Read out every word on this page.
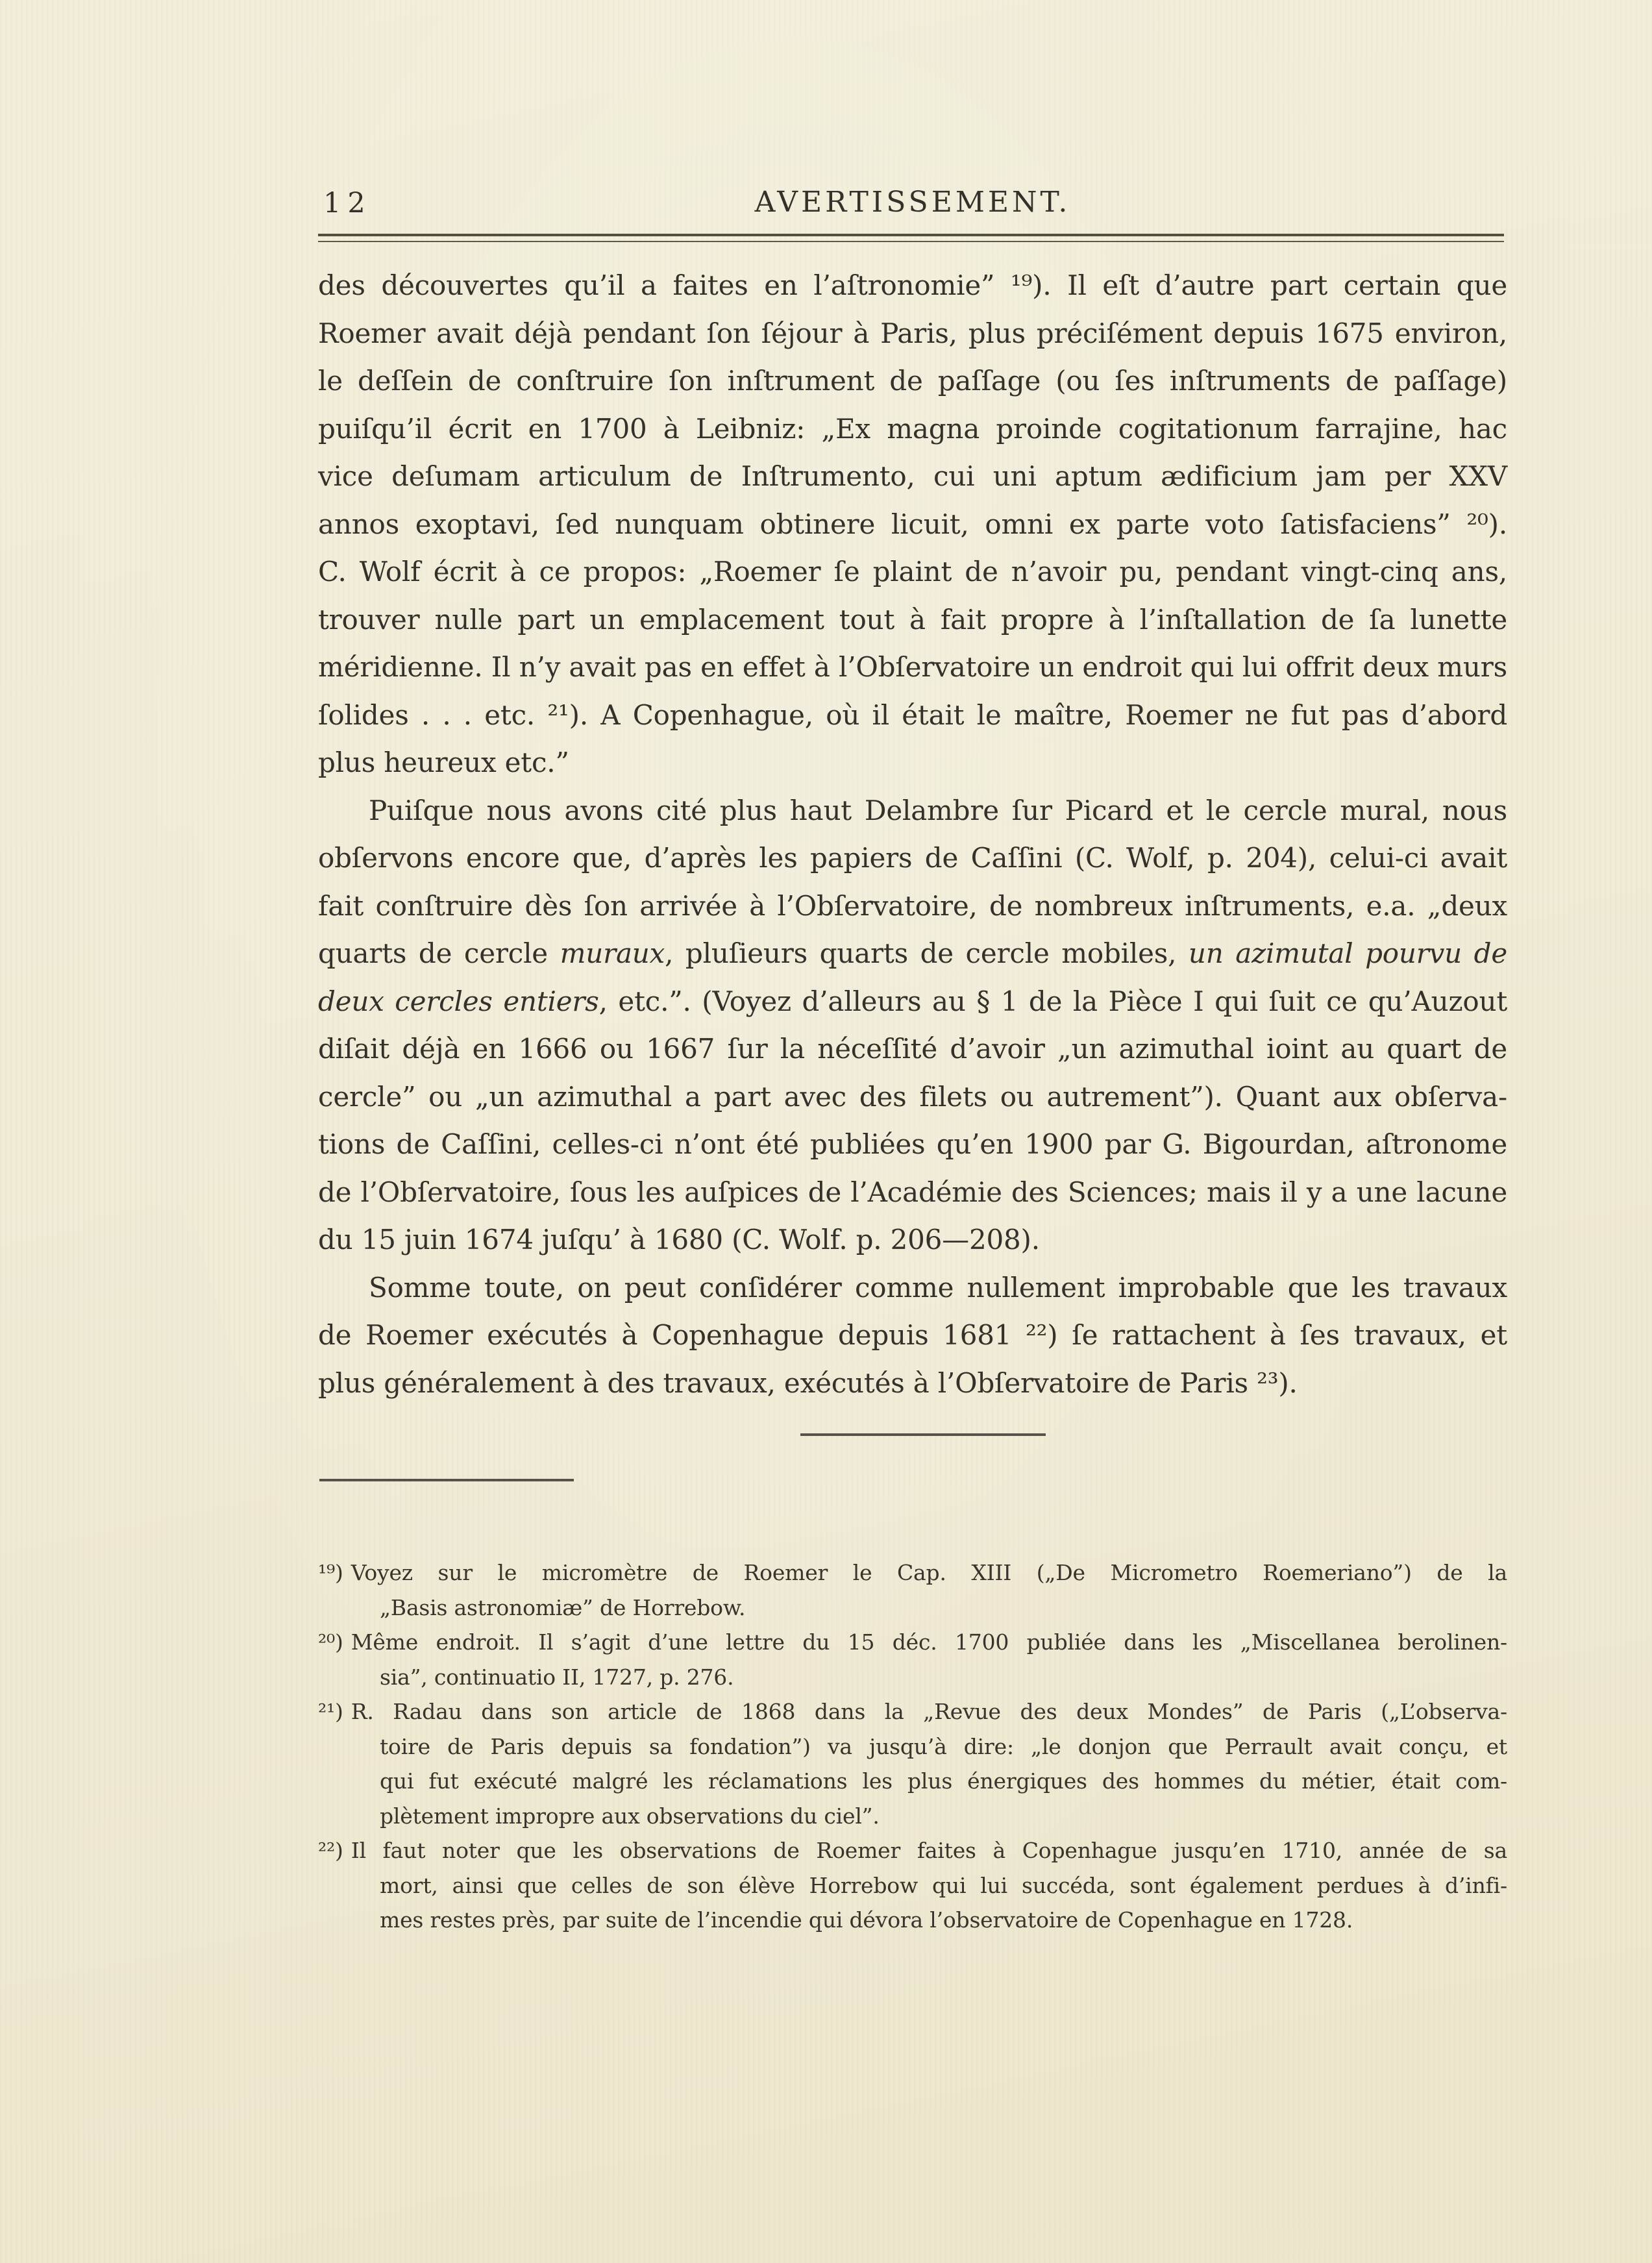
12	AVERTISSEMENT.
des découvertes qu’il a faites en l’aſtronomie” ¹⁹). Il eſt d’autre part certain que
Roemer avait déjà pendant ſon ſéjour à Paris, plus préciſément depuis 1675 environ,
le deſſein de conſtruire ſon inſtrument de paſſage (ou ſes inſtruments de paſſage)
puiſqu’il écrit en 1700 à Leibniz: „Ex magna proinde cogitationum farrajine, hac
vice deſumam articulum de Inſtrumento, cui uni aptum ædificium jam per XXV
annos exoptavi, ſed nunquam obtinere licuit, omni ex parte voto ſatisfaciens” ²⁰).
C. Wolf écrit à ce propos: „Roemer ſe plaint de n’avoir pu, pendant vingt-cinq ans,
trouver nulle part un emplacement tout à fait propre à l’inſtallation de ſa lunette
méridienne. Il n’y avait pas en effet à l’Obſervatoire un endroit qui lui offrit deux murs
ſolides . . . etc. ²¹). A Copenhague, où il était le maître, Roemer ne fut pas d’abord
plus heureux etc.”
Puiſque nous avons cité plus haut Delambre ſur Picard et le cercle mural, nous
obſervons encore que, d’après les papiers de Caſſini (C. Wolf, p. 204), celui-ci avait
fait conſtruire dès ſon arrivée à l’Obſervatoire, de nombreux inſtruments, e.a. „deux
quarts de cercle muraux, pluſieurs quarts de cercle mobiles, un azimutal pourvu de
deux cercles entiers, etc.”. (Voyez d’alleurs au § 1 de la Pièce I qui ſuit ce qu’Auzout
diſait déjà en 1666 ou 1667 ſur la néceſſité d’avoir „un azimuthal ioint au quart de
cercle” ou „un azimuthal a part avec des filets ou autrement”). Quant aux obſerva-
tions de Caſſini, celles-ci n’ont été publiées qu’en 1900 par G. Bigourdan, aſtronome
de l’Obſervatoire, ſous les auſpices de l’Académie des Sciences; mais il y a une lacune
du 15 juin 1674 juſqu’ à 1680 (C. Wolf. p. 206—208).
Somme toute, on peut conſidérer comme nullement improbable que les travaux
de Roemer exécutés à Copenhague depuis 1681 ²²) ſe rattachent à ſes travaux, et
plus généralement à des travaux, exécutés à l’Obſervatoire de Paris ²³).
¹⁹) Voyez sur le micromètre de Roemer le Cap. XIII („De Micrometro Roemeriano”) de la
„Basis astronomiæ” de Horrebow.
²⁰) Même endroit. Il s’agit d’une lettre du 15 déc. 1700 publiée dans les „Miscellanea berolinen-
sia”, continuatio II, 1727, p. 276.
²¹) R. Radau dans son article de 1868 dans la „Revue des deux Mondes” de Paris („L’observa-
toire de Paris depuis sa fondation”) va jusqu’à dire: „le donjon que Perrault avait conçu, et
qui fut exécuté malgré les réclamations les plus énergiques des hommes du métier, était com-
plètement impropre aux observations du ciel”.
²²) Il faut noter que les observations de Roemer faites à Copenhague jusqu’en 1710, année de sa
mort, ainsi que celles de son élève Horrebow qui lui succéda, sont également perdues à d’infi-
mes restes près, par suite de l’incendie qui dévora l’observatoire de Copenhague en 1728.
